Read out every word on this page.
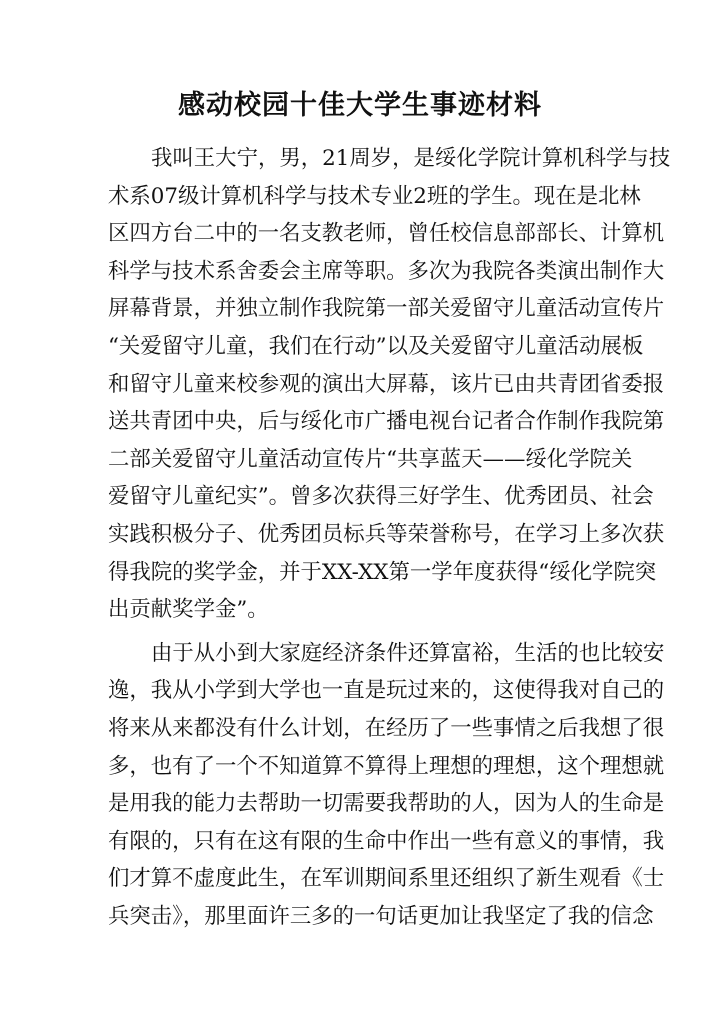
感动校园十佳大学生事迹材料
我叫王大宁，男，21周岁，是绥化学院计算机科学与技
术系07级计算机科学与技术专业2班的学生。现在是北林
区四方台二中的一名支教老师，曾任校信息部部长、计算机
科学与技术系舍委会主席等职。多次为我院各类演出制作大
屏幕背景，并独立制作我院第一部关爱留守儿童活动宣传片
“关爱留守儿童，我们在行动”以及关爱留守儿童活动展板
和留守儿童来校参观的演出大屏幕，该片已由共青团省委报
送共青团中央，后与绥化市广播电视台记者合作制作我院第
二部关爱留守儿童活动宣传片“共享蓝天——绥化学院关
爱留守儿童纪实”。曾多次获得三好学生、优秀团员、社会
实践积极分子、优秀团员标兵等荣誉称号，在学习上多次获
得我院的奖学金，并于XX-XX第一学年度获得“绥化学院突
出贡献奖学金”。
由于从小到大家庭经济条件还算富裕，生活的也比较安
逸，我从小学到大学也一直是玩过来的，这使得我对自己的
将来从来都没有什么计划，在经历了一些事情之后我想了很
多，也有了一个不知道算不算得上理想的理想，这个理想就
是用我的能力去帮助一切需要我帮助的人，因为人的生命是
有限的，只有在这有限的生命中作出一些有意义的事情，我
们才算不虚度此生，在军训期间系里还组织了新生观看《士
兵突击》，那里面许三多的一句话更加让我坚定了我的信念
